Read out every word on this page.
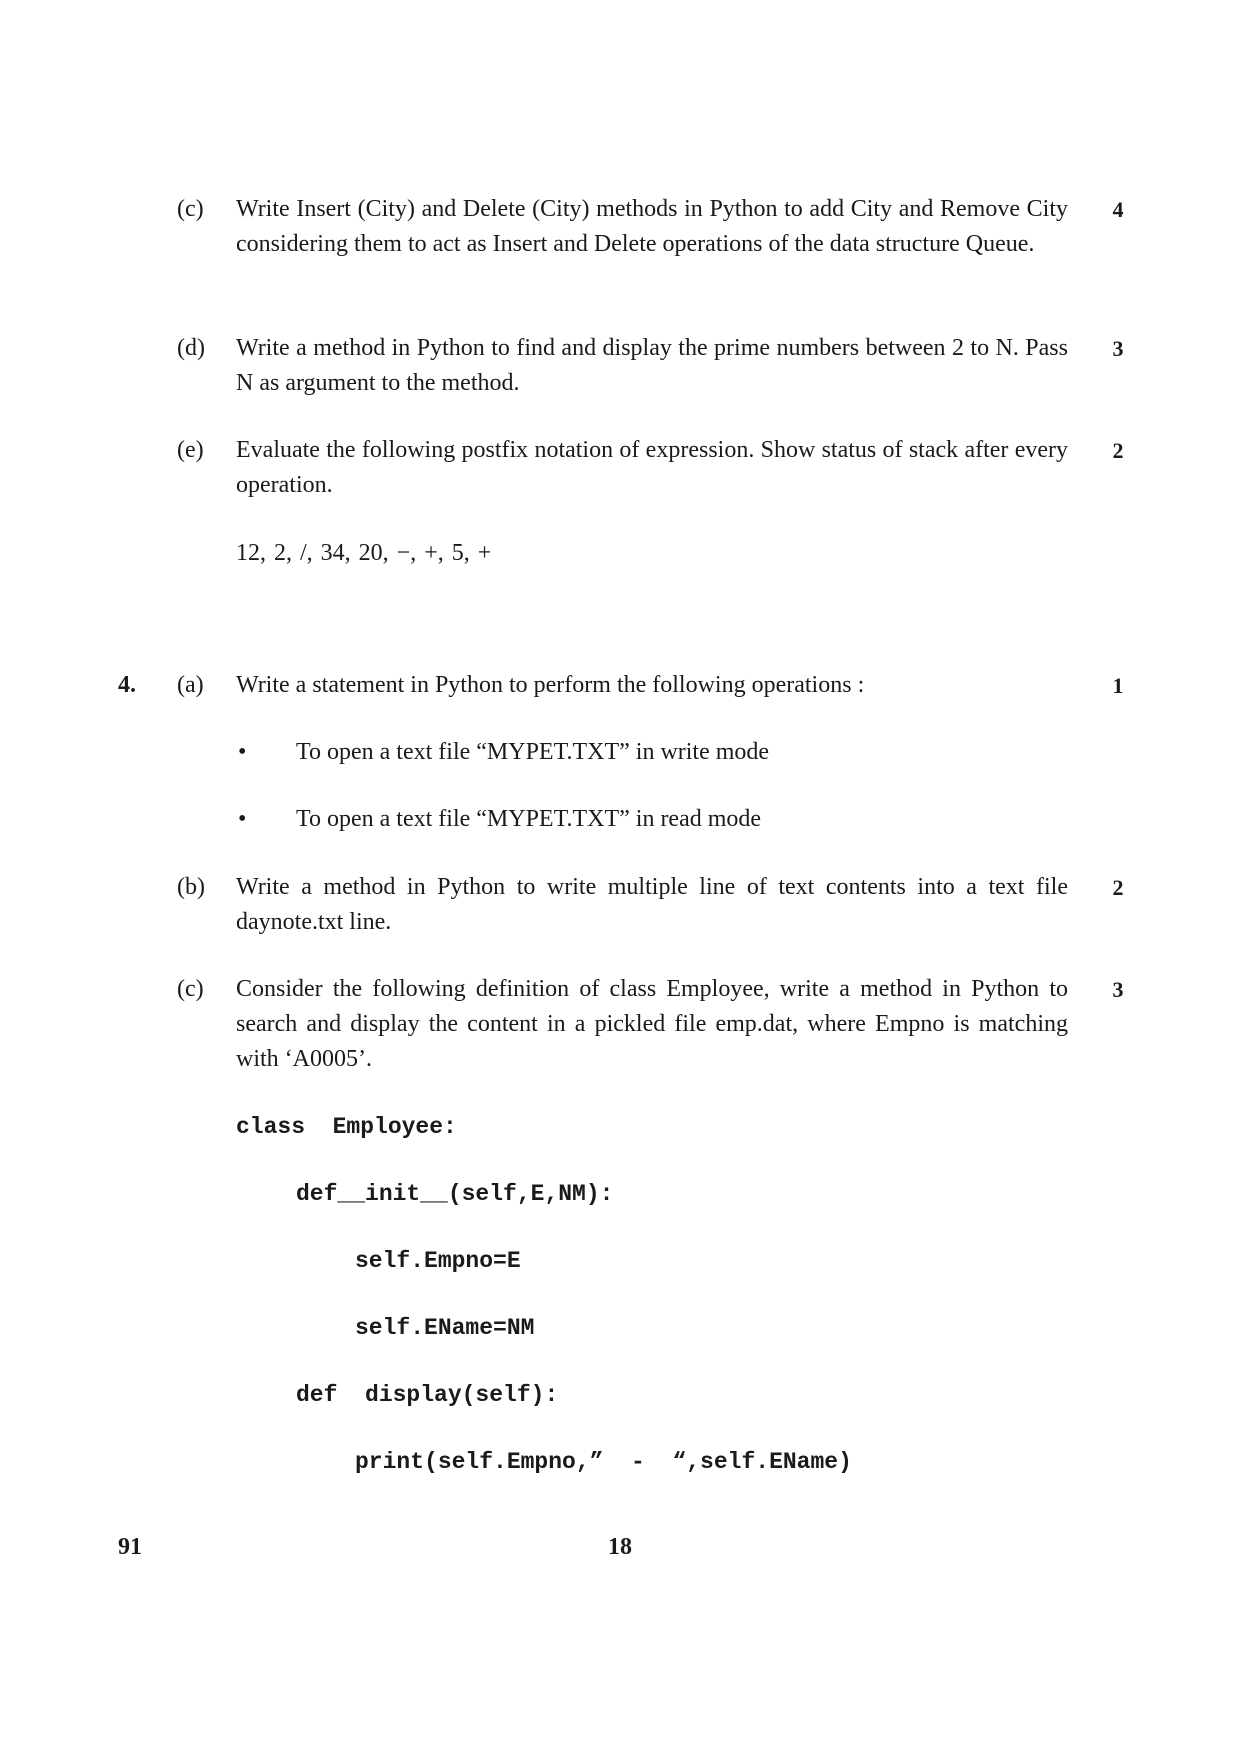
(c) Write Insert (City) and Delete (City) methods in Python to add City and Remove City considering them to act as Insert and Delete operations of the data structure Queue.
4
(d) Write a method in Python to find and display the prime numbers between 2 to N. Pass N as argument to the method.
3
(e) Evaluate the following postfix notation of expression. Show status of stack after every operation.
2
12, 2, /, 34, 20, −, +, 5, +
4. (a) Write a statement in Python to perform the following operations :	1
• To open a text file “MYPET.TXT” in write mode
• To open a text file “MYPET.TXT” in read mode
(b) Write a method in Python to write multiple line of text contents into a text file daynote.txt line.
2
(c) Consider the following definition of class Employee, write a method in Python to search and display the content in a pickled file emp.dat, where Empno is matching with ‘A0005’.
3
class  Employee:
def__init__(self,E,NM):
self.Empno=E
self.EName=NM
def  display(self):
print(self.Empno,”  -  “,self.EName)
91	18
